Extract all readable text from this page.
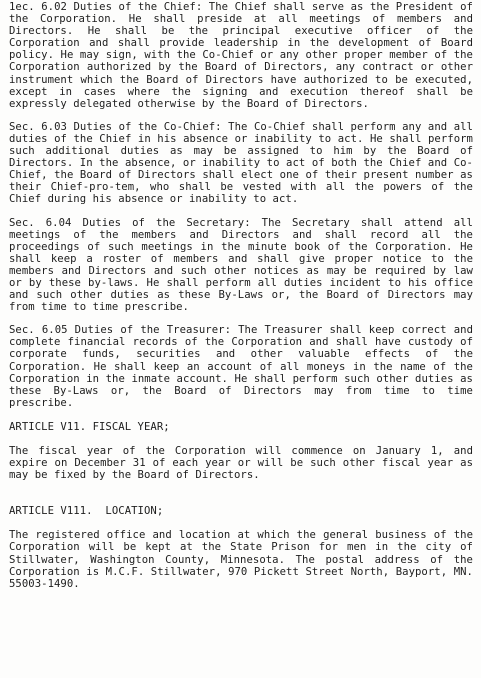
1ec. 6.02 Duties of the Chief: The Chief shall serve as the President of the Corporation. He shall preside at all meetings of members and Directors. He shall be the principal executive officer of the Corporation and shall provide leadership in the development of Board policy. He may sign, with the Co-Chief or any other proper member of the Corporation authorized by the Board of Directors, any contract or other instrument which the Board of Directors have authorized to be executed, except in cases where the signing and execution thereof shall be expressly delegated otherwise by the Board of Directors.

Sec. 6.03 Duties of the Co-Chief: The Co-Chief shall perform any and all duties of the Chief in his absence or inability to act. He shall perform such additional duties as may be assigned to him by the Board of Directors. In the absence, or inability to act of both the Chief and Co-Chief, the Board of Directors shall elect one of their present number as their Chief-pro-tem, who shall be vested with all the powers of the Chief during his absence or inability to act.

Sec. 6.04 Duties of the Secretary: The Secretary shall attend all meetings of the members and Directors and shall record all the proceedings of such meetings in the minute book of the Corporation. He shall keep a roster of members and shall give proper notice to the members and Directors and such other notices as may be required by law or by these by-laws. He shall perform all duties incident to his office and such other duties as these By-Laws or, the Board of Directors may from time to time prescribe.

Sec. 6.05 Duties of the Treasurer: The Treasurer shall keep correct and complete financial records of the Corporation and shall have custody of corporate funds, securities and other valuable effects of the Corporation. He shall keep an account of all moneys in the name of the Corporation in the inmate account. He shall perform such other duties as these By-Laws or, the Board of Directors may from time to time prescribe.

ARTICLE V11. FISCAL YEAR;

The fiscal year of the Corporation will commence on January 1, and expire on December 31 of each year or will be such other fiscal year as may be fixed by the Board of Directors.

ARTICLE V111.  LOCATION;

The registered office and location at which the general business of the Corporation will be kept at the State Prison for men in the city of Stillwater, Washington County, Minnesota. The postal address of the Corporation is M.C.F. Stillwater, 970 Pickett Street North, Bayport, MN. 55003-1490.
